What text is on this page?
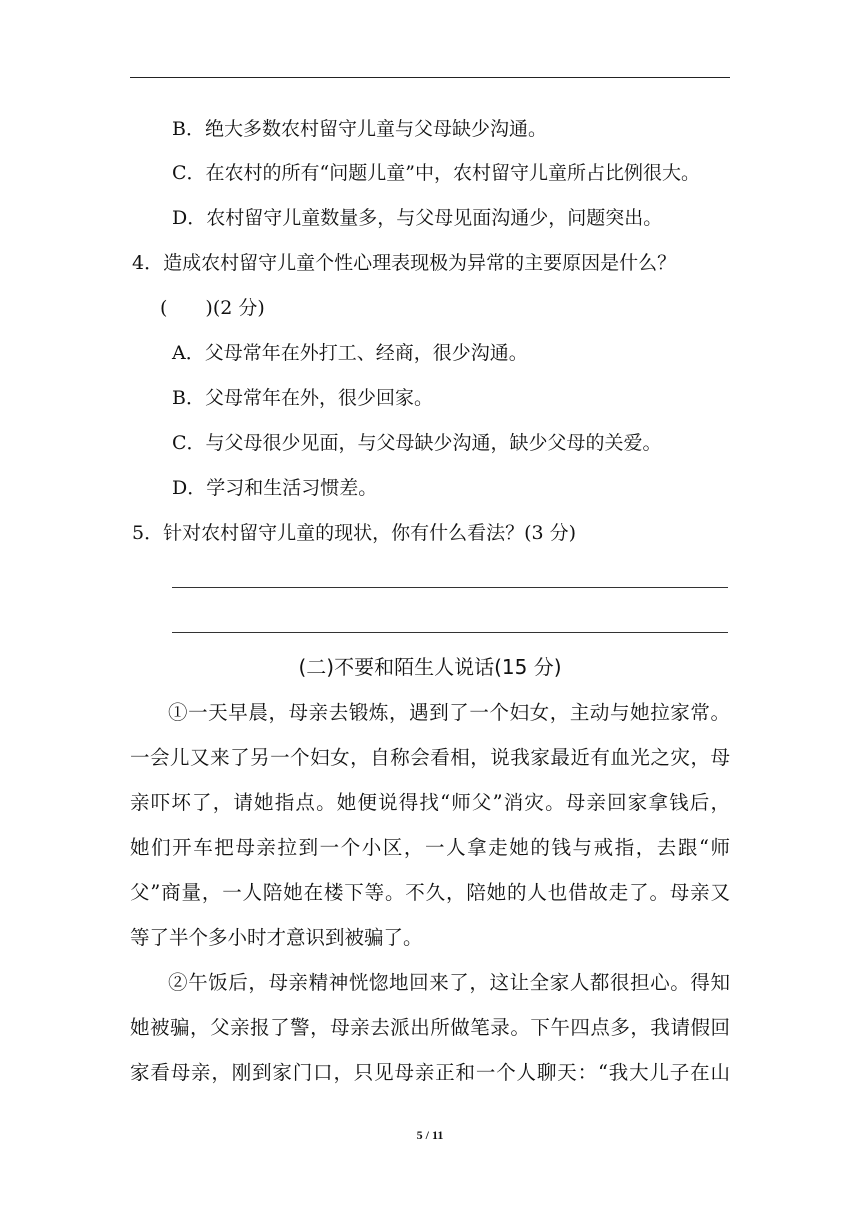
B．绝大多数农村留守儿童与父母缺少沟通。
C．在农村的所有“问题儿童”中，农村留守儿童所占比例很大。
D．农村留守儿童数量多，与父母见面沟通少，问题突出。
4．造成农村留守儿童个性心理表现极为异常的主要原因是什么？
(　　)(2 分)
A．父母常年在外打工、经商，很少沟通。
B．父母常年在外，很少回家。
C．与父母很少见面，与父母缺少沟通，缺少父母的关爱。
D．学习和生活习惯差。
5．针对农村留守儿童的现状，你有什么看法？(3 分)
(二)不要和陌生人说话(15 分)
①一天早晨，母亲去锻炼，遇到了一个妇女，主动与她拉家常。
一会儿又来了另一个妇女，自称会看相，说我家最近有血光之灾，母
亲吓坏了，请她指点。她便说得找“师父”消灾。母亲回家拿钱后，
她们开车把母亲拉到一个小区，一人拿走她的钱与戒指，去跟“师
父”商量，一人陪她在楼下等。不久，陪她的人也借故走了。母亲又
等了半个多小时才意识到被骗了。
②午饭后，母亲精神恍惚地回来了，这让全家人都很担心。得知
她被骗，父亲报了警，母亲去派出所做笔录。下午四点多，我请假回
家看母亲，刚到家门口，只见母亲正和一个人聊天：“我大儿子在山
5 / 11
